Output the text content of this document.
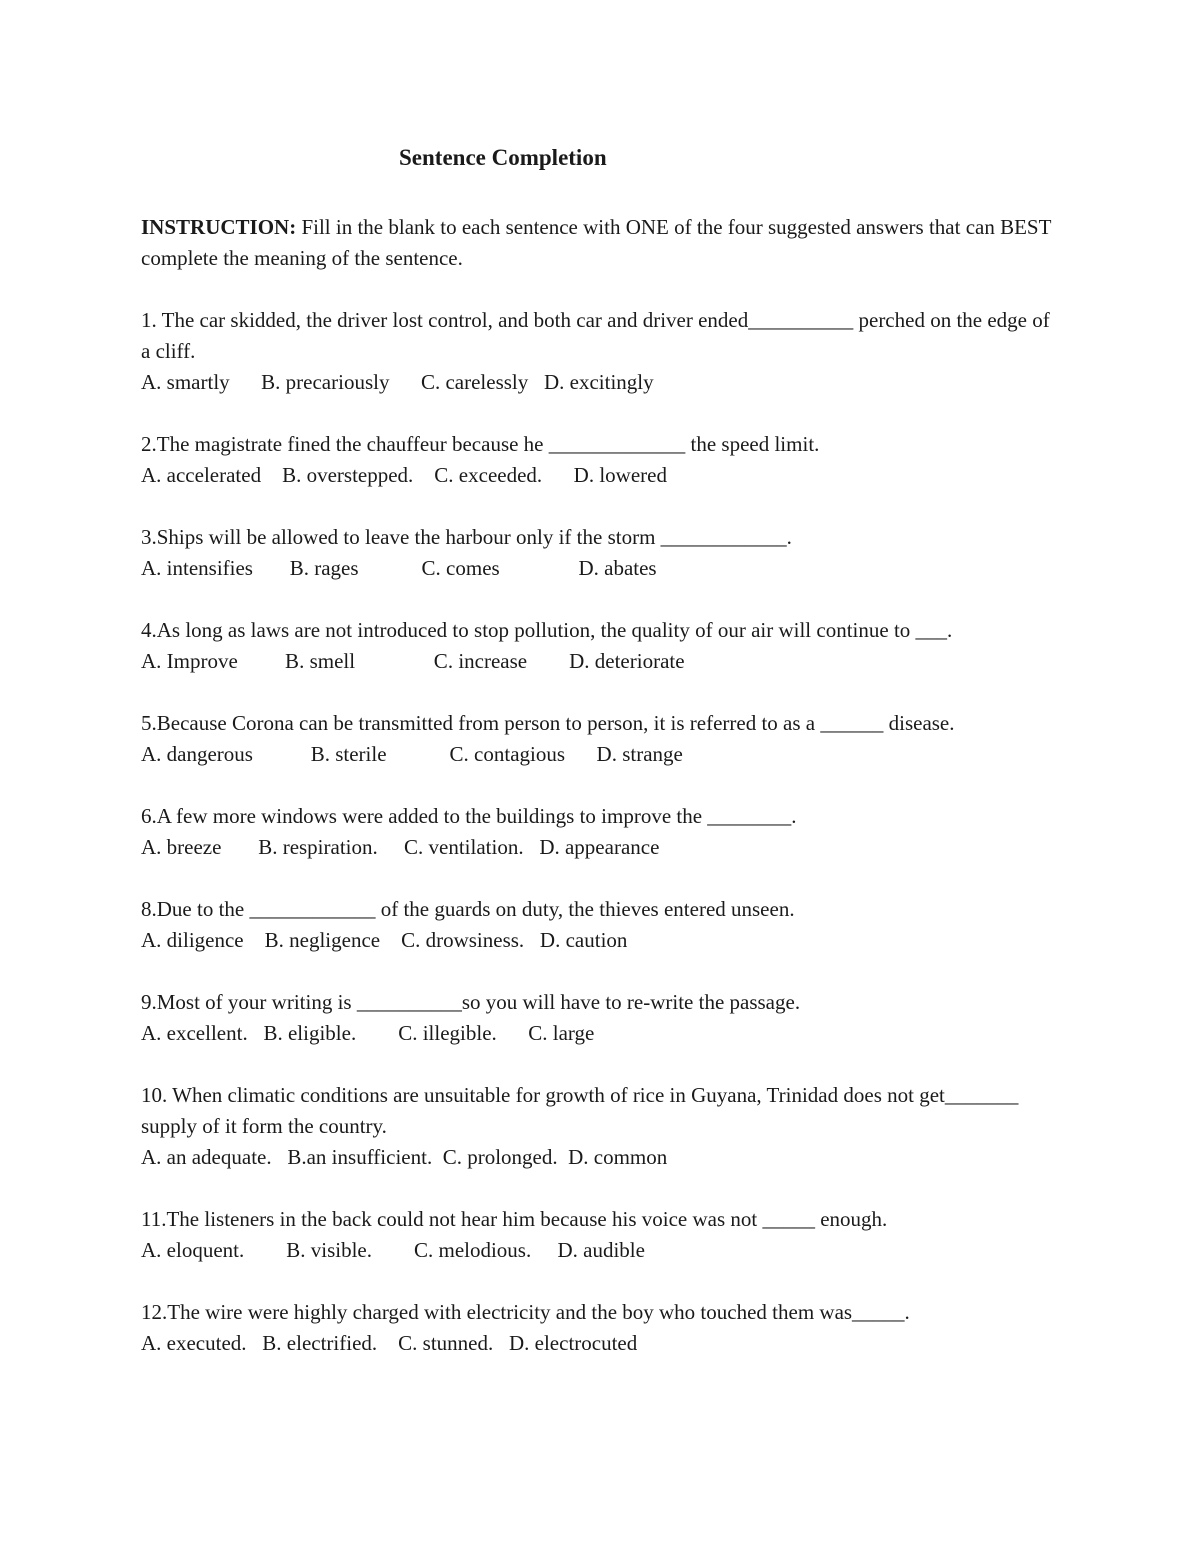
Sentence Completion
INSTRUCTION: Fill in the blank to each sentence with ONE of the four suggested answers that can BEST complete the meaning of the sentence.
1. The car skidded, the driver lost control, and both car and driver ended__________ perched on the edge of a cliff.
A. smartly      B. precariously      C. carelessly   D. excitingly
2.The magistrate fined the chauffeur because he _____________ the speed limit.
A. accelerated    B. overstepped.    C. exceeded.      D. lowered
3.Ships will be allowed to leave the harbour only if the storm ____________.
A. intensifies       B. rages            C. comes               D. abates
4.As long as laws are not introduced to stop pollution, the quality of our air will continue to ___.
A. Improve         B. smell               C. increase        D. deteriorate
5.Because Corona can be transmitted from person to person, it is referred to as a ______ disease.
A. dangerous           B. sterile            C. contagious      D. strange
6.A few more windows were added to the buildings to improve the ________.
A. breeze       B. respiration.     C. ventilation.   D. appearance
8.Due to the ____________ of the guards on duty, the thieves entered unseen.
A. diligence    B. negligence    C. drowsiness.   D. caution
9.Most of your writing is __________so you will have to re-write the passage.
A. excellent.   B. eligible.        C. illegible.      C. large
10. When climatic conditions are unsuitable for growth of rice in Guyana, Trinidad does not get_______ supply of it form the country.
A. an adequate.   B.an insufficient.  C. prolonged.  D. common
11.The listeners in the back could not hear him because his voice was not _____ enough.
A. eloquent.        B. visible.        C. melodious.     D. audible
12.The wire were highly charged with electricity and the boy who touched them was_____.
A. executed.   B. electrified.    C. stunned.   D. electrocuted
